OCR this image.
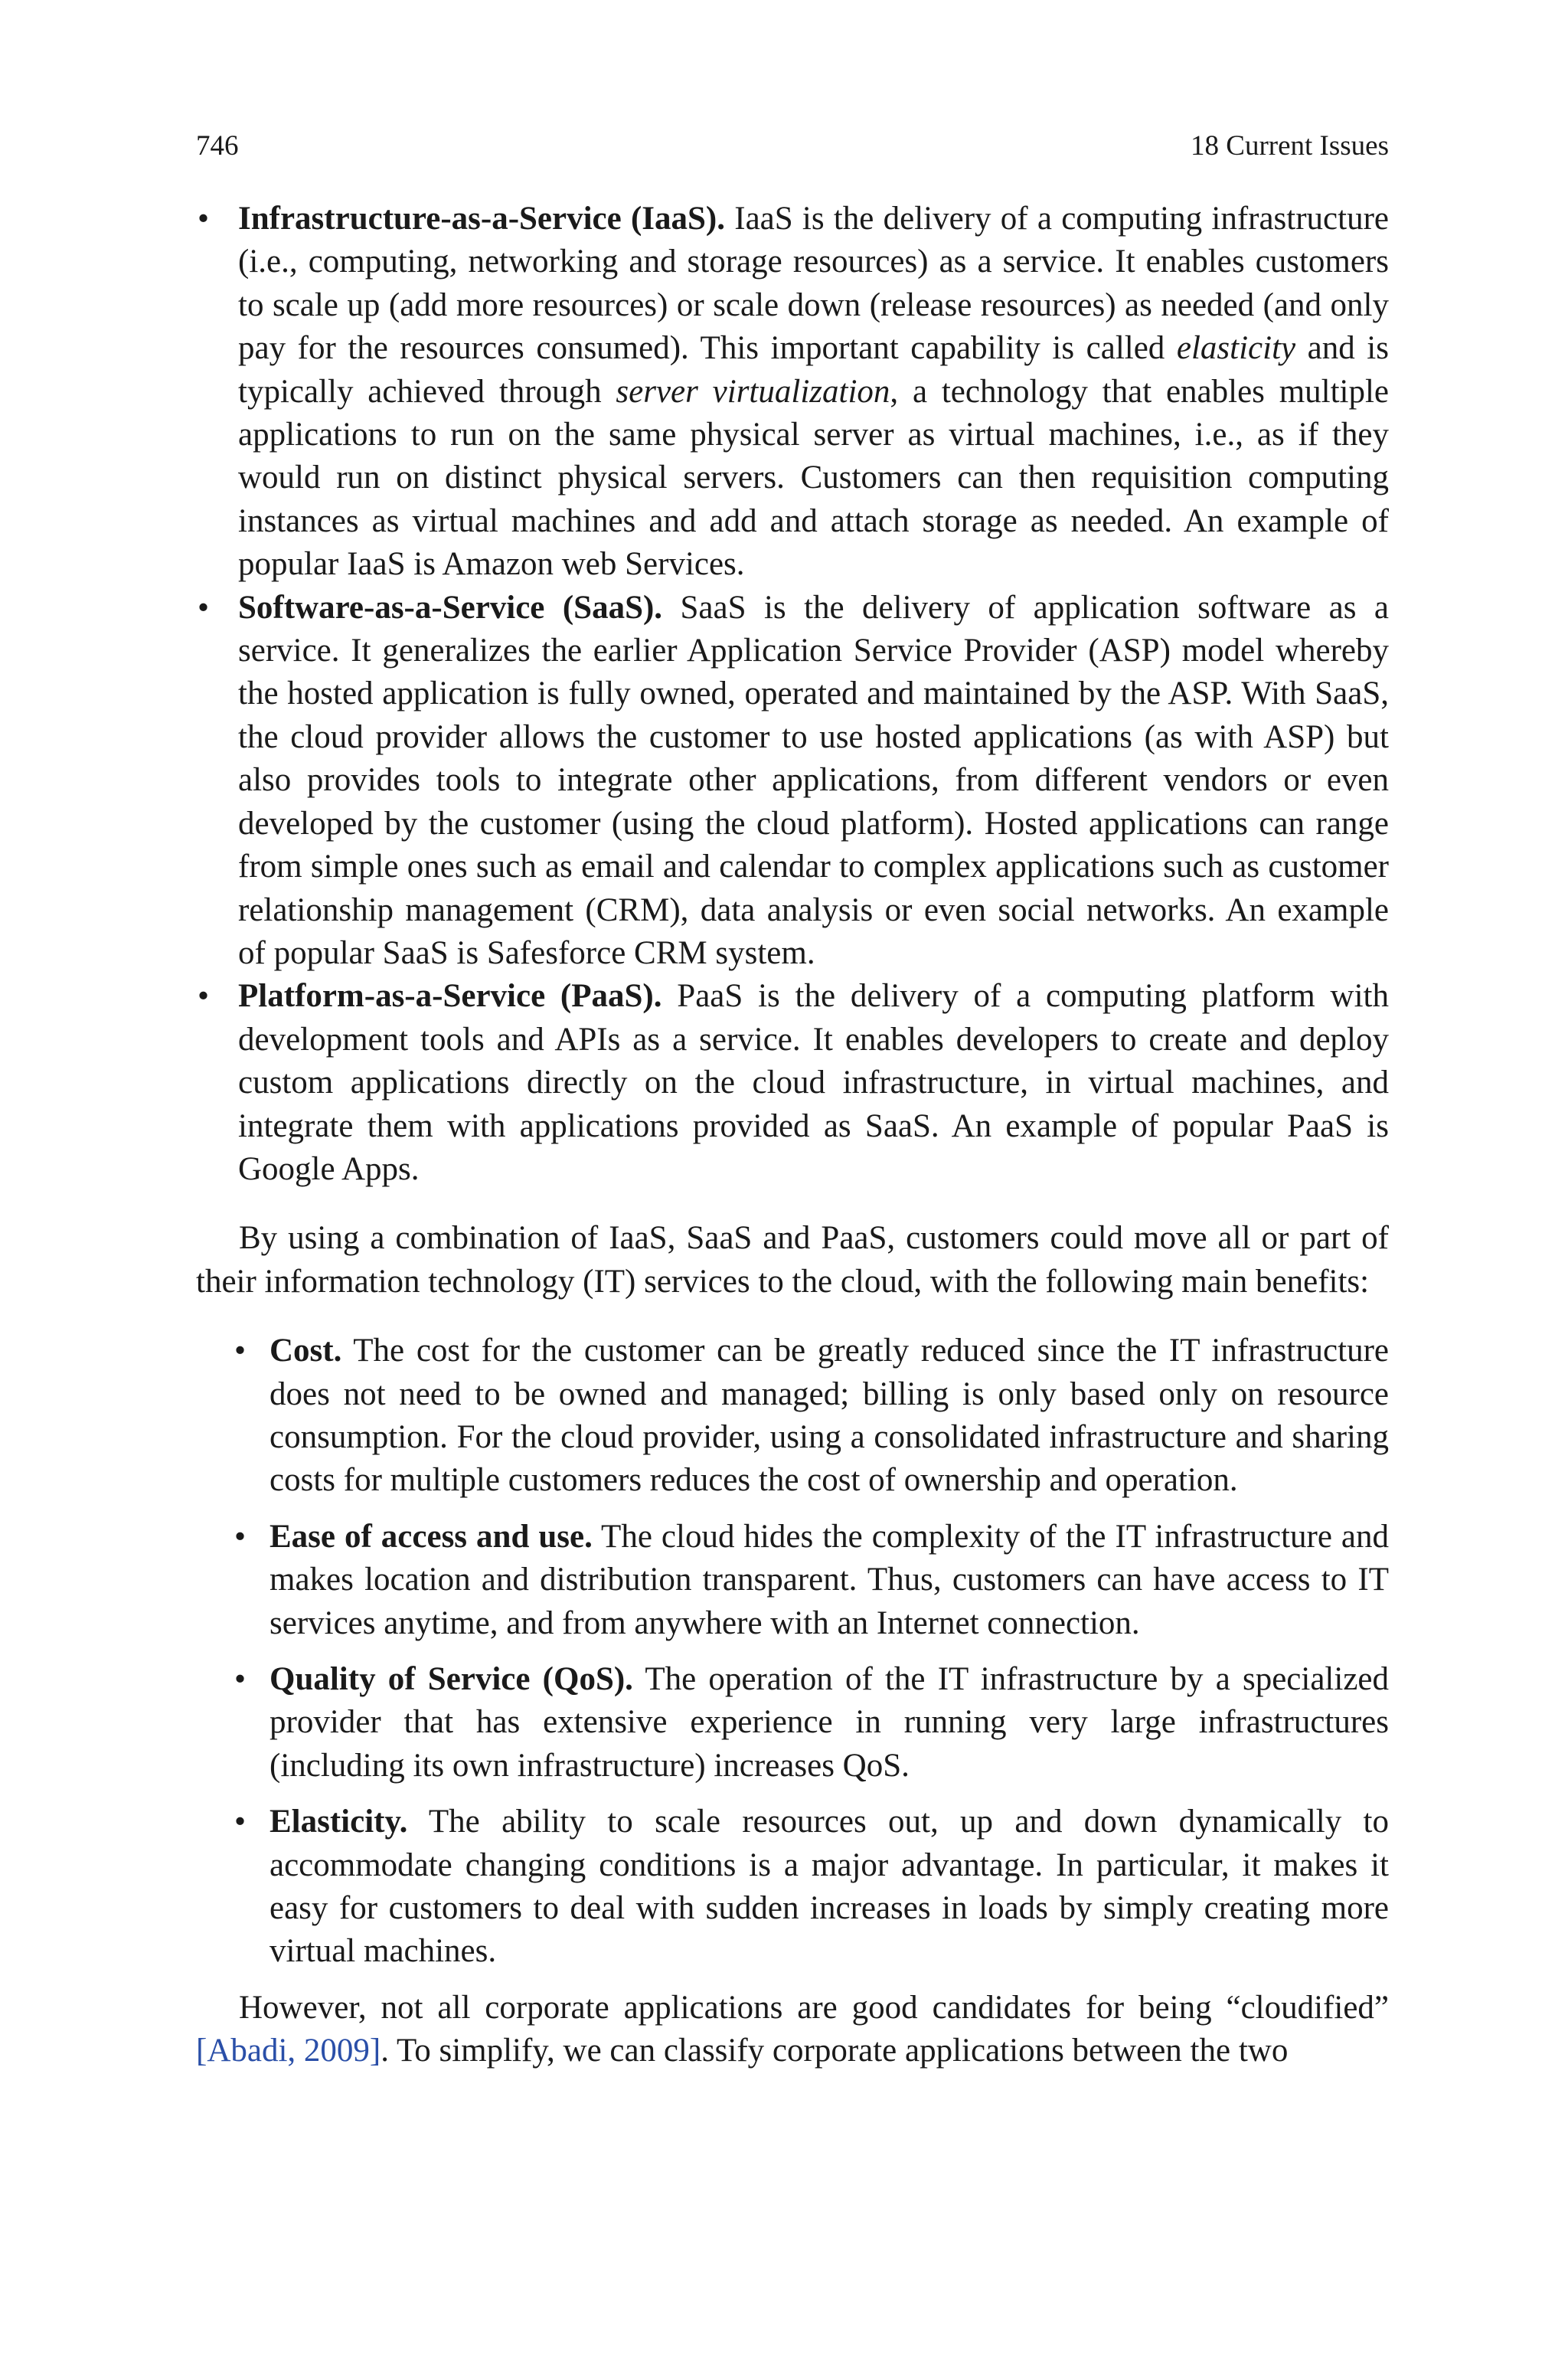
746	18 Current Issues
• Infrastructure-as-a-Service (IaaS). IaaS is the delivery of a computing infrastructure (i.e., computing, networking and storage resources) as a service. It enables customers to scale up (add more resources) or scale down (release resources) as needed (and only pay for the resources consumed). This important capability is called elasticity and is typically achieved through server virtualization, a technology that enables multiple applications to run on the same physical server as virtual machines, i.e., as if they would run on distinct physical servers. Customers can then requisition computing instances as virtual machines and add and attach storage as needed. An example of popular IaaS is Amazon web Services.
• Software-as-a-Service (SaaS). SaaS is the delivery of application software as a service. It generalizes the earlier Application Service Provider (ASP) model whereby the hosted application is fully owned, operated and maintained by the ASP. With SaaS, the cloud provider allows the customer to use hosted applications (as with ASP) but also provides tools to integrate other applications, from different vendors or even developed by the customer (using the cloud platform). Hosted applications can range from simple ones such as email and calendar to complex applications such as customer relationship management (CRM), data analysis or even social networks. An example of popular SaaS is Safesforce CRM system.
• Platform-as-a-Service (PaaS). PaaS is the delivery of a computing platform with development tools and APIs as a service. It enables developers to create and deploy custom applications directly on the cloud infrastructure, in virtual machines, and integrate them with applications provided as SaaS. An example of popular PaaS is Google Apps.

By using a combination of IaaS, SaaS and PaaS, customers could move all or part of their information technology (IT) services to the cloud, with the following main benefits:

• Cost. The cost for the customer can be greatly reduced since the IT infrastructure does not need to be owned and managed; billing is only based only on resource consumption. For the cloud provider, using a consolidated infrastructure and sharing costs for multiple customers reduces the cost of ownership and operation.
• Ease of access and use. The cloud hides the complexity of the IT infrastructure and makes location and distribution transparent. Thus, customers can have access to IT services anytime, and from anywhere with an Internet connection.
• Quality of Service (QoS). The operation of the IT infrastructure by a specialized provider that has extensive experience in running very large infrastructures (including its own infrastructure) increases QoS.
• Elasticity. The ability to scale resources out, up and down dynamically to accommodate changing conditions is a major advantage. In particular, it makes it easy for customers to deal with sudden increases in loads by simply creating more virtual machines.

However, not all corporate applications are good candidates for being “cloudified” [Abadi, 2009]. To simplify, we can classify corporate applications between the two
